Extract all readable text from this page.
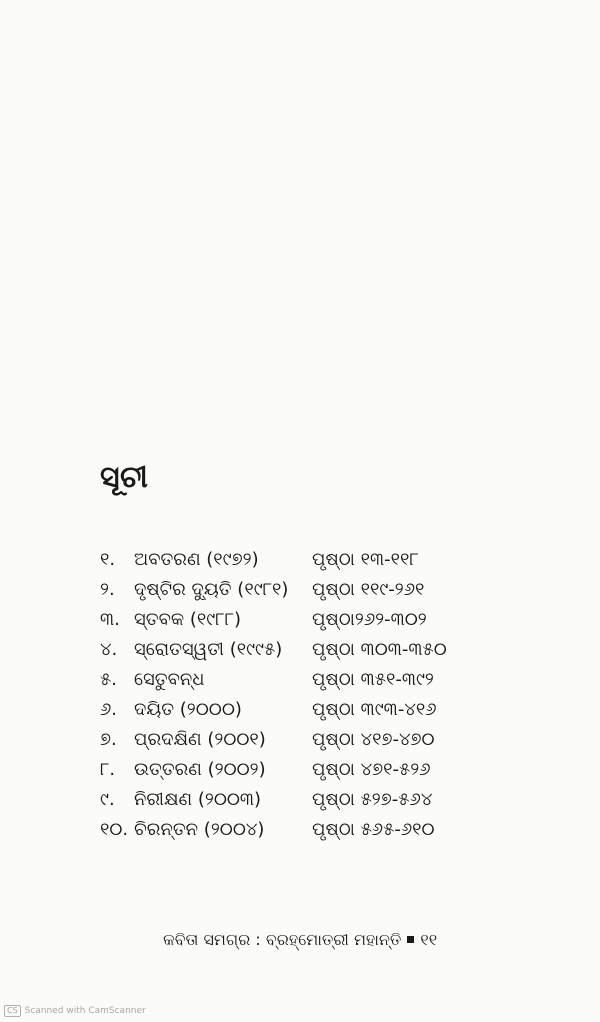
ସୂଚୀ
୧.	ଅବତରଣ (୧୯୭୨)	ପୃଷ୍ଠା ୧୩-୧୧୮
୨.	ଦୃଷ୍ଟିର ଦ୍ୟୁତି (୧୯୮୧) ପୃଷ୍ଠା ୧୧୯-୨୬୧
୩. ସ୍ତବକ (୧୯୮୮)	ପୃଷ୍ଠା୨୬୨-୩୦୨
୪. ସ୍ରୋତସ୍ୱତୀ (୧୯୯୫) ପୃଷ୍ଠା ୩୦୩-୩୫୦
୫. ସେତୁବନ୍ଧ	ପୃଷ୍ଠା ୩୫୧-୩୯୨
୬. ଦୟିତ (୨୦୦୦)	ପୃଷ୍ଠା ୩୯୩-୪୧୬
୭. ପ୍ରଦକ୍ଷିଣ (୨୦୦୧)	ପୃଷ୍ଠା ୪୧୭-୪୭୦
୮.	ଉତ୍ତରଣ (୨୦୦୨)	ପୃଷ୍ଠା ୪୭୧-୫୨୬
୯.	ନିରୀକ୍ଷଣ (୨୦୦୩)	ପୃଷ୍ଠା ୫୨୭-୫୬୪
୧୦. ଚିରନ୍ତନ (୨୦୦୪)	ପୃଷ୍ଠା ୫୬୫-୬୧୦
କବିତା ସମଗ୍ର : ବ୍ରହ୍ମୋତ୍ରୀ ମହାନ୍ତି ୧୧
CS Scanned with CamScanner
